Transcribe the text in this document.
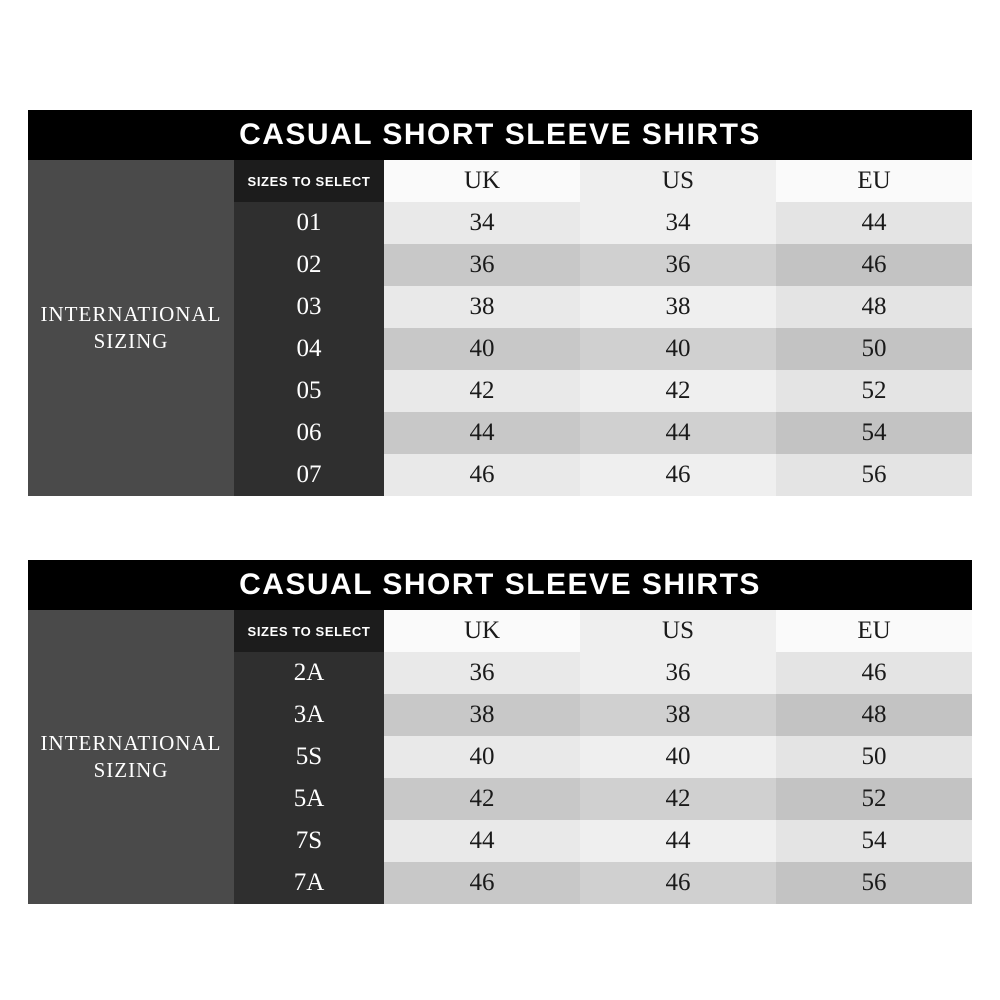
CASUAL SHORT SLEEVE SHIRTS
INTERNATIONAL SIZING
SIZES TO SELECT	UK	US	EU
01	34	34	44
02	36	36	46
03	38	38	48
04	40	40	50
05	42	42	52
06	44	44	54
07	46	46	56
CASUAL SHORT SLEEVE SHIRTS
INTERNATIONAL SIZING
SIZES TO SELECT	UK	US	EU
2A	36	36	46
3A	38	38	48
5S	40	40	50
5A	42	42	52
7S	44	44	54
7A	46	46	56
